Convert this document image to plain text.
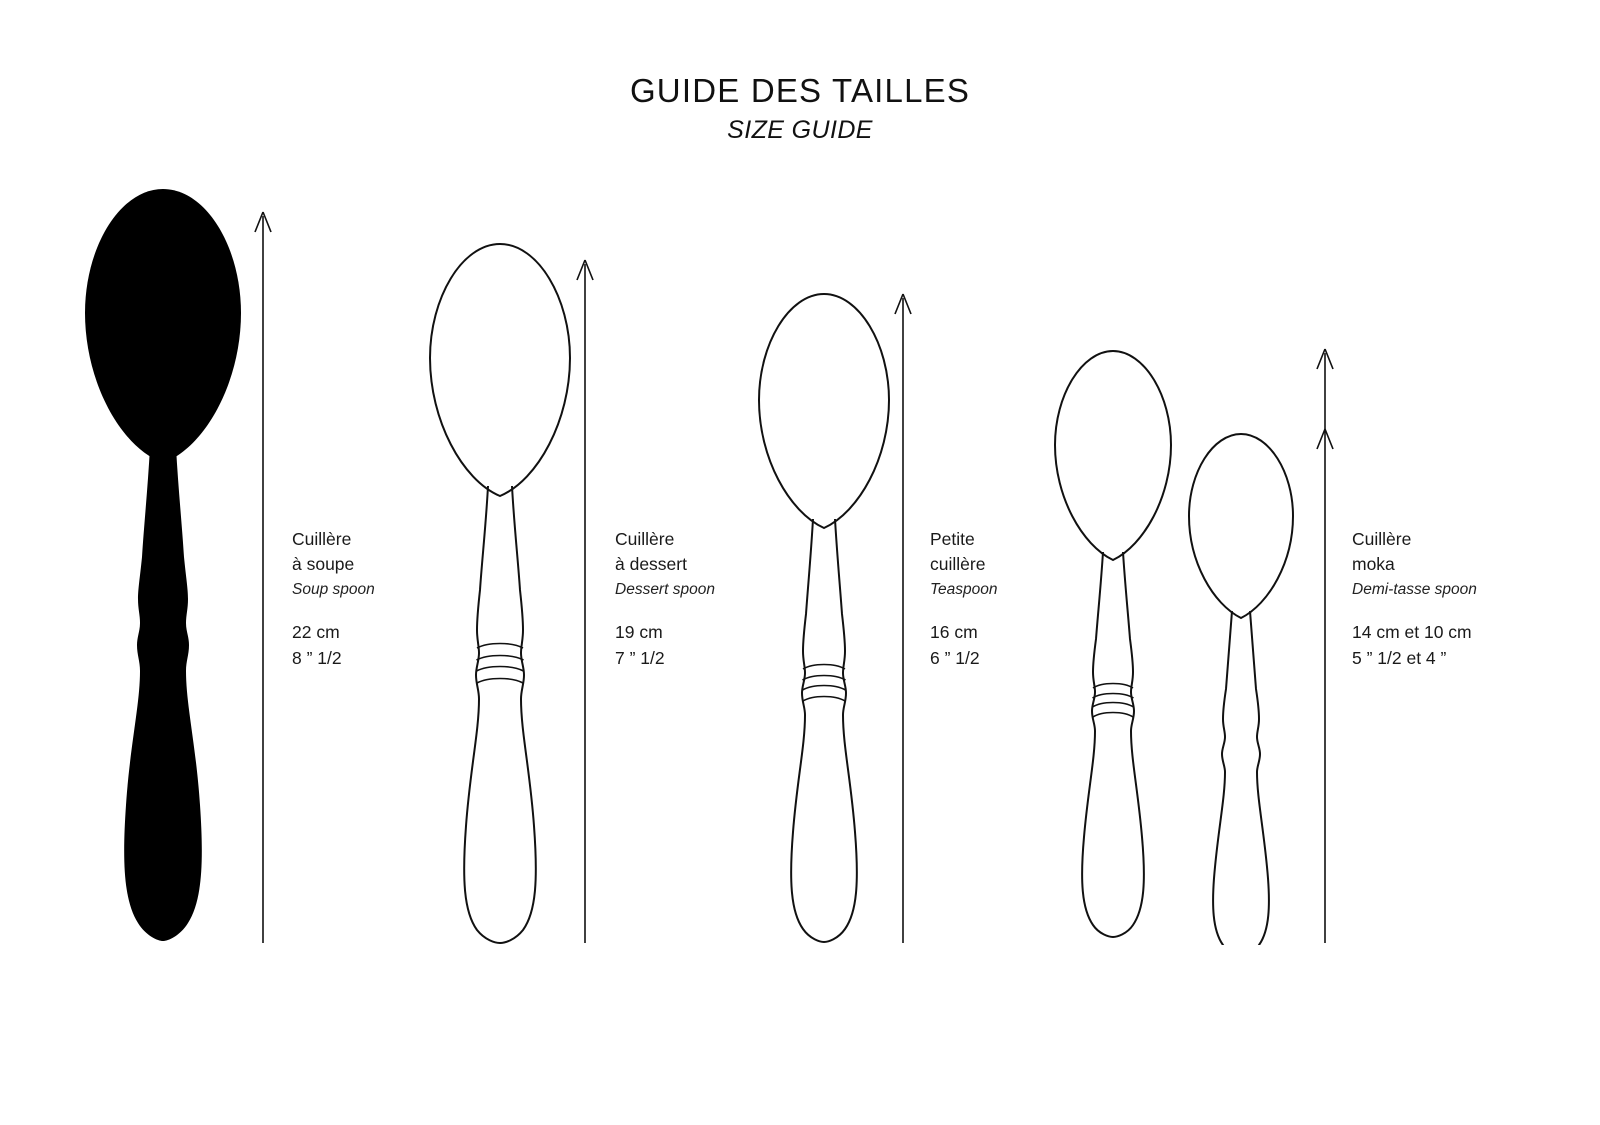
GUIDE DES TAILLES
SIZE GUIDE
Cuillère
à soupe
Soup spoon
22 cm
8 ” 1/2
Cuillère
à dessert
Dessert spoon
19 cm
7 ” 1/2
Petite
cuillère
Teaspoon
16 cm
6 ” 1/2
Cuillère
moka
Demi-tasse spoon
14 cm et 10 cm
5 ” 1/2 et 4 ”
